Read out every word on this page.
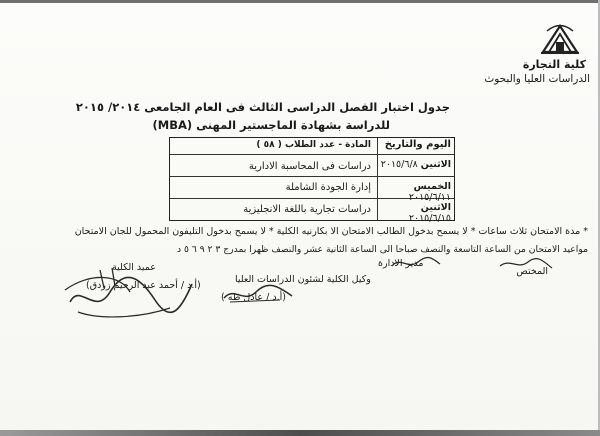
كلية التجارة
الدراسات العليا والبحوث
جدول اختبار الفصل الدراسى الثالث فى العام الجامعى ٢٠١٤/ ٢٠١٥
للدراسة بشهادة الماجستير المهنى (MBA)
اليوم والتاريخ
المادة - عدد الطلاب ( ٥٨ )
الاثنين ٢٠١٥/٦/٨
دراسات فى المحاسبة الادارية
الخميس ٢٠١٥/٦/١١
إدارة الجودة الشاملة
الاثنين ٢٠١٥/٦/١٥
دراسات تجارية باللغة الانجليزية
* مدة الامتحان ثلاث ساعات * لا يسمح بدخول الطالب الامتحان الا بكارنيه الكلية * لا يسمح بدخول التليفون المحمول للجان الامتحان
مواعيد الامتحان من الساعة التاسعة والنصف صباحا الى الساعة الثانية عشر والنصف ظهرا بمدرج ٣ ٢ ٩ ٦ ٥ د
المختص
مدير الادارة
وكيل الكلية لشئون الدراسات العليا
(أ.د / عادل طه )
عميد الكلية
(أ.د / أحمد عبد الرحيم زردق)
